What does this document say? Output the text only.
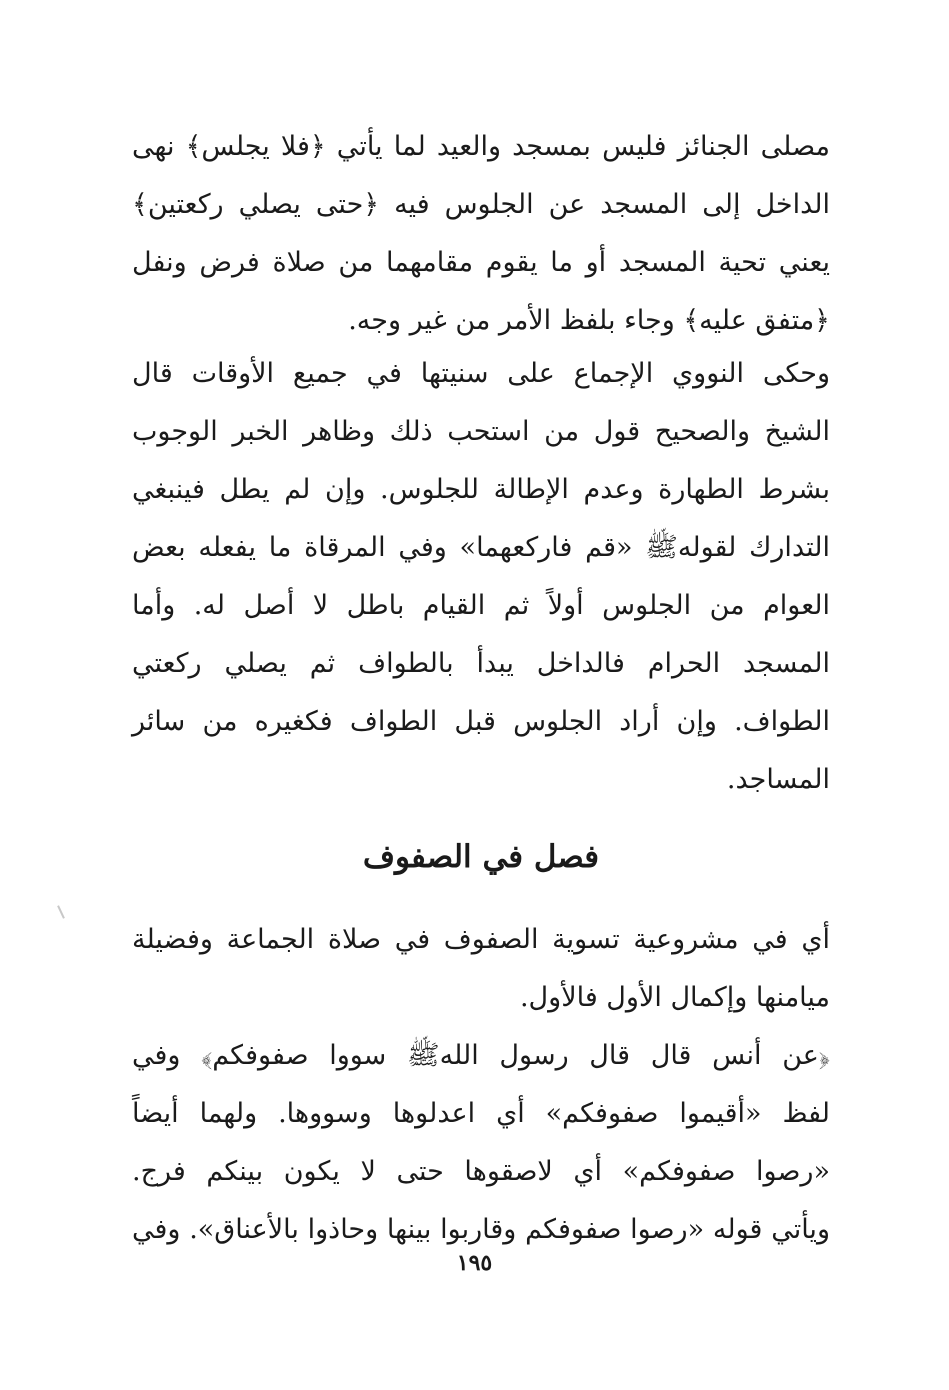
مصلى الجنائز فليس بمسجد والعيد لما يأتي ﴿فلا يجلس﴾ نهى
الداخل إلى المسجد عن الجلوس فيه ﴿حتى يصلي ركعتين﴾
يعني تحية المسجد أو ما يقوم مقامهما من صلاة فرض ونفل
﴿متفق عليه﴾ وجاء بلفظ الأمر من غير وجه.
وحكى النووي الإجماع على سنيتها في جميع الأوقات قال
الشيخ والصحيح قول من استحب ذلك وظاهر الخبر الوجوب
بشرط الطهارة وعدم الإطالة للجلوس. وإن لم يطل فينبغي
التدارك لقولهﷺ «قم فاركعهما» وفي المرقاة ما يفعله بعض
العوام من الجلوس أولاً ثم القيام باطل لا أصل له. وأما
المسجد الحرام فالداخل يبدأ بالطواف ثم يصلي ركعتي
الطواف. وإن أراد الجلوس قبل الطواف فكغيره من سائر
المساجد.
فصل في الصفوف
أي في مشروعية تسوية الصفوف في صلاة الجماعة وفضيلة
ميامنها وإكمال الأول فالأول.
﴿عن أنس قال قال رسول اللهﷺ سووا صفوفكم﴾ وفي
لفظ «أقيموا صفوفكم» أي اعدلوها وسووها. ولهما أيضاً
«رصوا صفوفكم» أي لاصقوها حتى لا يكون بينكم فرج.
ويأتي قوله «رصوا صفوفكم وقاربوا بينها وحاذوا بالأعناق». وفي
١٩٥
